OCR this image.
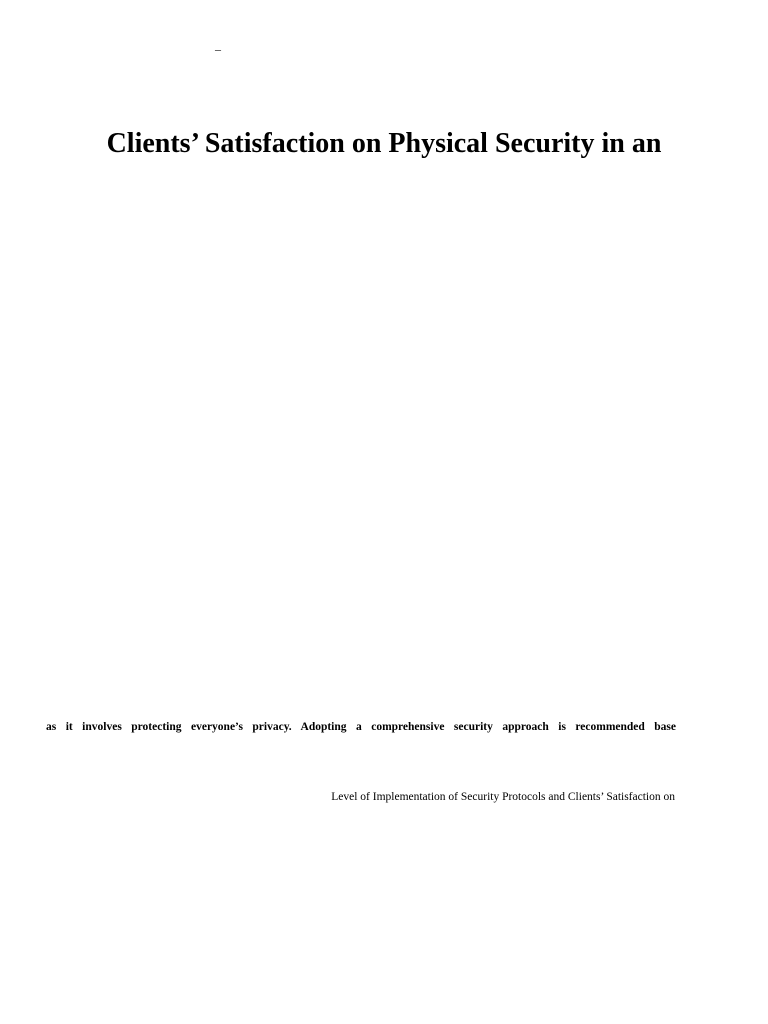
–
Clients’ Satisfaction on Physical Security in an

as it involves protecting everyone’s privacy. Adopting a comprehensive security approach is recommended base

Level of Implementation of Security Protocols and Clients’ Satisfaction on
